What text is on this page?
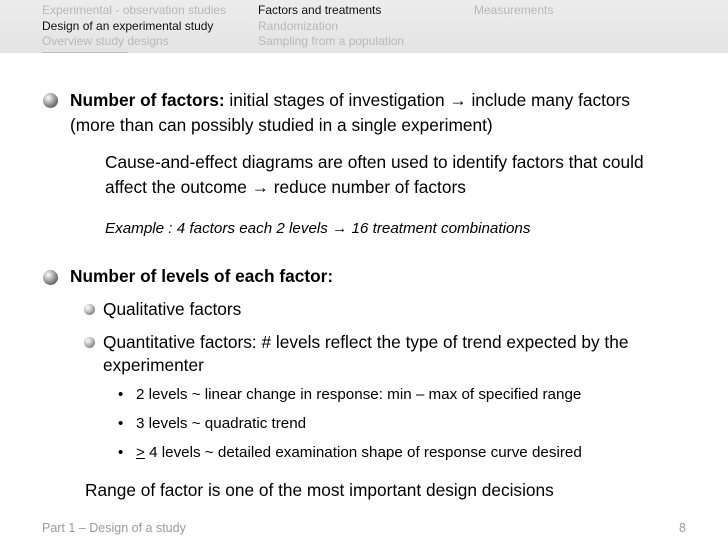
Experimental - observation studies
Design of an experimental study
Overview study designs
Factors and treatments
Randomization
Sampling from a population
Measurements
Number of factors: initial stages of investigation → include many factors
(more than can possibly studied in a single experiment)
Cause-and-effect diagrams are often used to identify factors that could
affect the outcome → reduce number of factors
Example : 4 factors each 2 levels → 16 treatment combinations
Number of levels of each factor:
Qualitative factors
Quantitative factors: # levels reflect the type of trend expected by the
experimenter
• 2 levels ~ linear change in response: min – max of specified range
• 3 levels ~ quadratic trend
• ≥ 4 levels ~ detailed examination shape of response curve desired
Range of factor is one of the most important design decisions
Part 1 – Design of a study	8
